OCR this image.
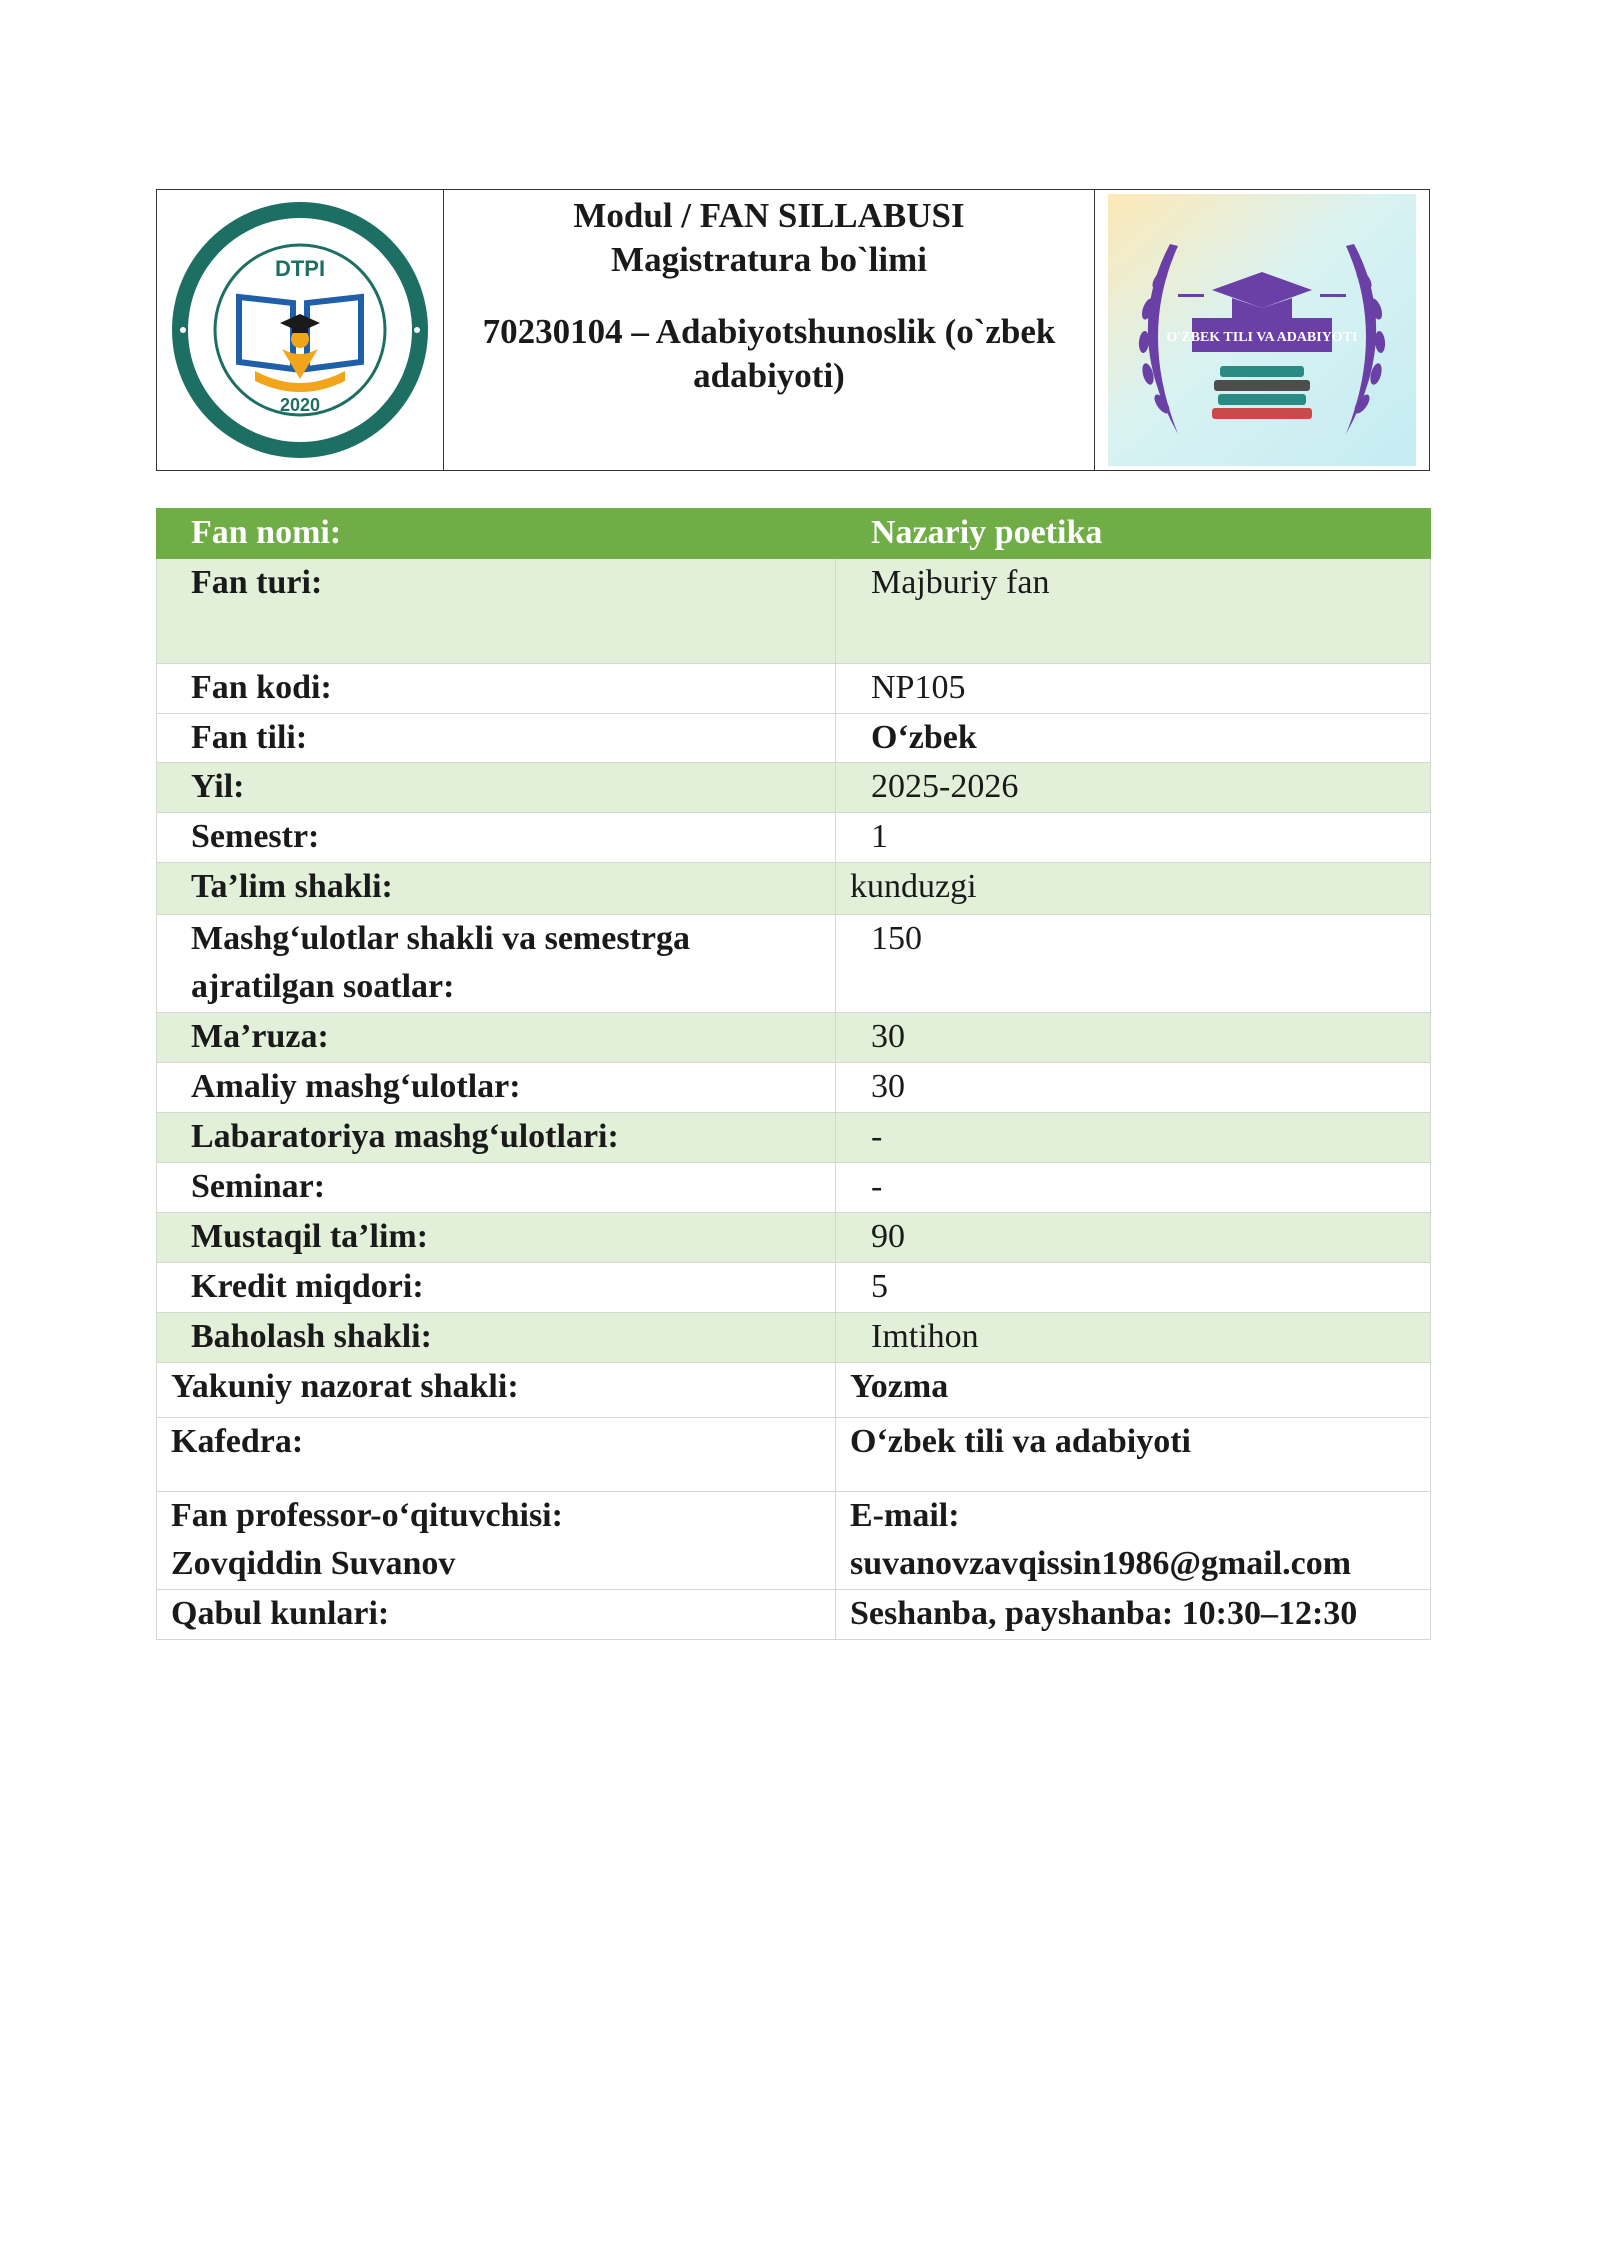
DENOV TADBIRKORLIK VA PEDAGOGIKA INSTITUTI
DENOV INSTITUTE OF ENTREPRENEURSHIP AND PEDAGOGY
DTPI
2020
Modul / FAN SILLABUSI
Magistratura bo`limi
70230104 – Adabiyotshunoslik (o`zbek
adabiyoti)
O'ZBEK TILI VA ADABIYOTI
Fan nomi:	Nazariy poetika

Fan turi:	Majburiy fan

Fan kodi:	NP105

Fan tili:	O‘zbek

Yil:	2025-2026

Semestr:	1

Ta’lim shakli:	kunduzgi

Mashg‘ulotlar shakli va semestrga
ajratilgan soatlar:	150

Ma’ruza:	30

Amaliy mashg‘ulotlar:	30

Labaratoriya mashg‘ulotlari:	-

Seminar:	-

Mustaqil ta’lim:	90

Kredit miqdori:	5

Baholash shakli:	Imtihon

Yakuniy nazorat shakli:	Yozma

Kafedra:	O‘zbek tili va adabiyoti

Fan professor-o‘qituvchisi:
Zovqiddin Suvanov	E-mail:
suvanovzavqissin1986@gmail.com

Qabul kunlari:	Seshanba, payshanba: 10:30–12:30
